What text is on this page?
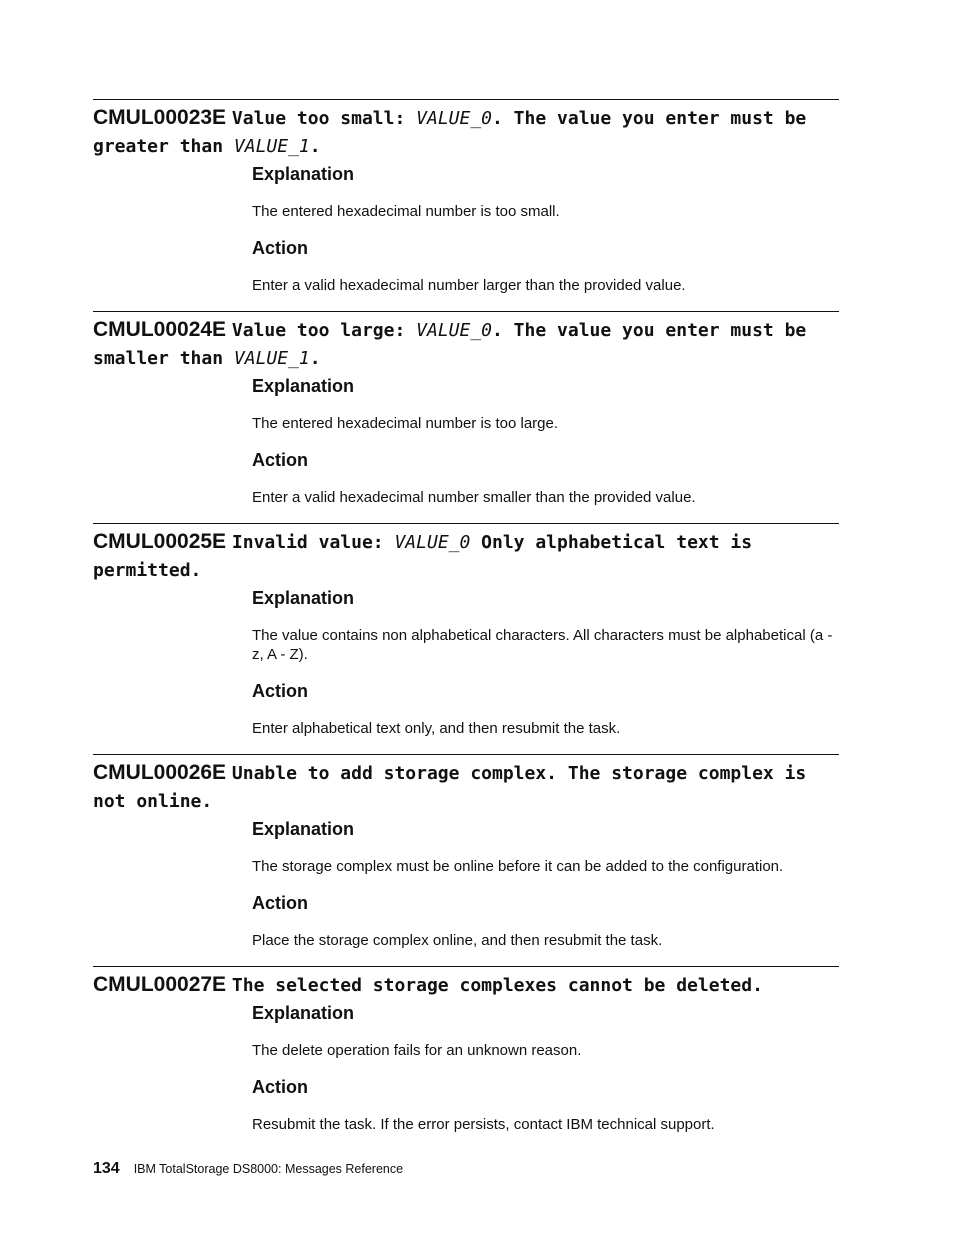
CMUL00023E Value too small: VALUE_0. The value you enter must be greater than VALUE_1.

Explanation

The entered hexadecimal number is too small.

Action

Enter a valid hexadecimal number larger than the provided value.

CMUL00024E Value too large: VALUE_0. The value you enter must be smaller than VALUE_1.

Explanation

The entered hexadecimal number is too large.

Action

Enter a valid hexadecimal number smaller than the provided value.

CMUL00025E Invalid value: VALUE_0 Only alphabetical text is permitted.

Explanation

The value contains non alphabetical characters. All characters must be alphabetical (a - z, A - Z).

Action

Enter alphabetical text only, and then resubmit the task.

CMUL00026E Unable to add storage complex. The storage complex is not online.

Explanation

The storage complex must be online before it can be added to the configuration.

Action

Place the storage complex online, and then resubmit the task.

CMUL00027E The selected storage complexes cannot be deleted.

Explanation

The delete operation fails for an unknown reason.

Action

Resubmit the task. If the error persists, contact IBM technical support.

134 IBM TotalStorage DS8000: Messages Reference
